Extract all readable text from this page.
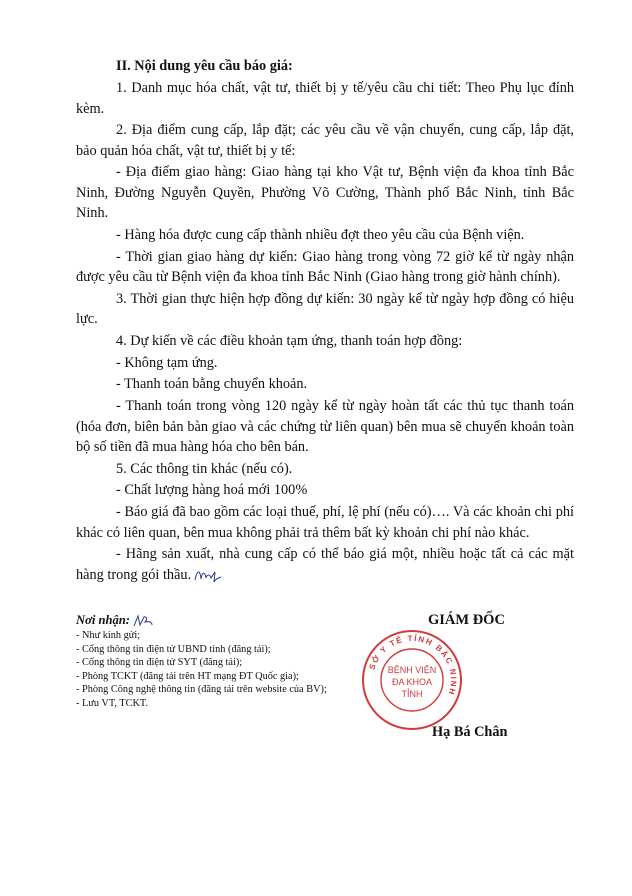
II. Nội dung yêu cầu báo giá:

1. Danh mục hóa chất, vật tư, thiết bị y tế/yêu cầu chi tiết: Theo Phụ lục đính kèm.

2. Địa điểm cung cấp, lắp đặt; các yêu cầu về vận chuyển, cung cấp, lắp đặt, bảo quản hóa chất, vật tư, thiết bị y tế:

- Địa điểm giao hàng: Giao hàng tại kho Vật tư, Bệnh viện đa khoa tỉnh Bắc Ninh, Đường Nguyễn Quyền, Phường Võ Cường, Thành phố Bắc Ninh, tỉnh Bắc Ninh.

- Hàng hóa được cung cấp thành nhiều đợt theo yêu cầu của Bệnh viện.

- Thời gian giao hàng dự kiến: Giao hàng trong vòng 72 giờ kể từ ngày nhận được yêu cầu từ Bệnh viện đa khoa tỉnh Bắc Ninh (Giao hàng trong giờ hành chính).

3. Thời gian thực hiện hợp đồng dự kiến: 30 ngày kể từ ngày hợp đồng có hiệu lực.

4. Dự kiến về các điều khoản tạm ứng, thanh toán hợp đồng:

- Không tạm ứng.

- Thanh toán bằng chuyển khoản.

- Thanh toán trong vòng 120 ngày kể từ ngày hoàn tất các thủ tục thanh toán (hóa đơn, biên bản bàn giao và các chứng từ liên quan) bên mua sẽ chuyển khoản toàn bộ số tiền đã mua hàng hóa cho bên bán.

5. Các thông tin khác (nếu có).

- Chất lượng hàng hoá mới 100%

- Báo giá đã bao gồm các loại thuế, phí, lệ phí (nếu có)…. Và các khoản chi phí khác có liên quan, bên mua không phải trả thêm bất kỳ khoản chi phí nào khác.

- Hãng sản xuất, nhà cung cấp có thể báo giá một, nhiều hoặc tất cả các mặt hàng trong gói thầu.

Nơi nhận:
- Như kính gửi;
- Cổng thông tin điện tử UBND tỉnh (đăng tải);
- Cổng thông tin điện tử SYT (đăng tải);
- Phòng TCKT (đăng tải trên HT mạng ĐT Quốc gia);
- Phòng Công nghệ thông tin (đăng tải trên website của BV);
- Lưu VT, TCKT.
GIÁM ĐỐC
SỞ Y TẾ TỈNH BẮC NINH
BỆNH VIỆN
ĐA KHOA
TỈNH
Hạ Bá Chân
